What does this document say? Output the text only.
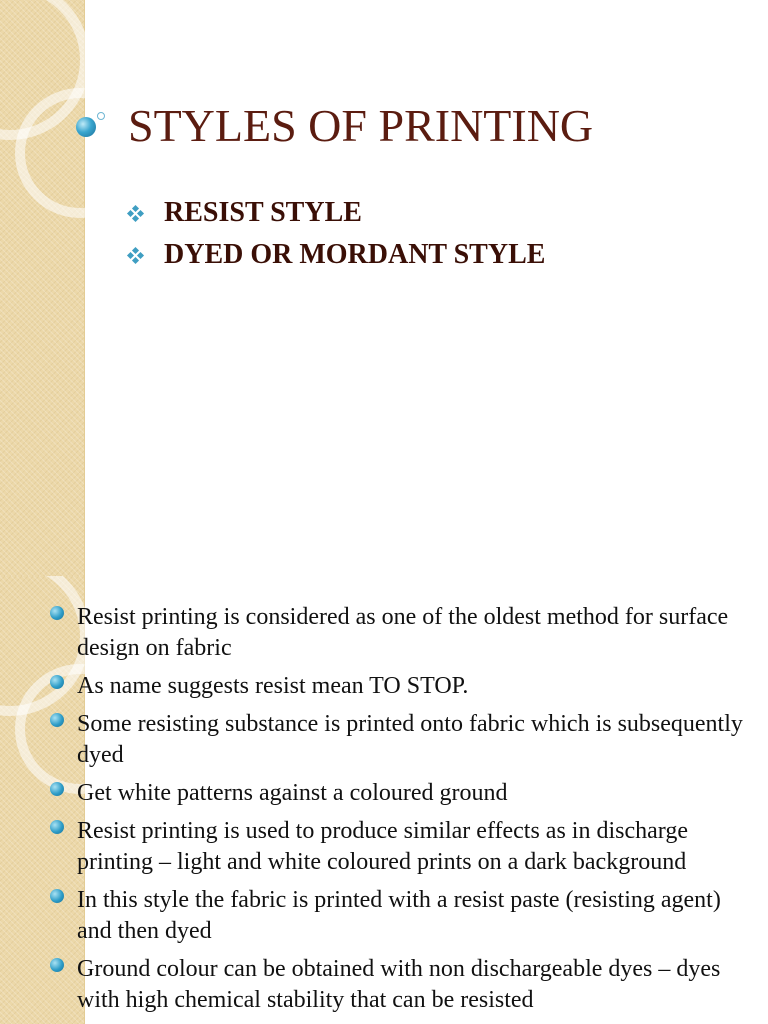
STYLES OF PRINTING
RESIST STYLE
DYED OR MORDANT STYLE
Resist printing is considered as one of the oldest method for surface design on fabric
As name suggests resist mean TO STOP.
Some resisting substance is printed onto fabric which is subsequently dyed
Get white patterns against a coloured ground
Resist printing is used to produce similar effects as in discharge printing – light and white coloured prints on a dark background
In this style the fabric is printed with a resist paste (resisting agent) and then dyed
Ground colour can be obtained with non dischargeable dyes – dyes with high chemical stability that can be resisted
